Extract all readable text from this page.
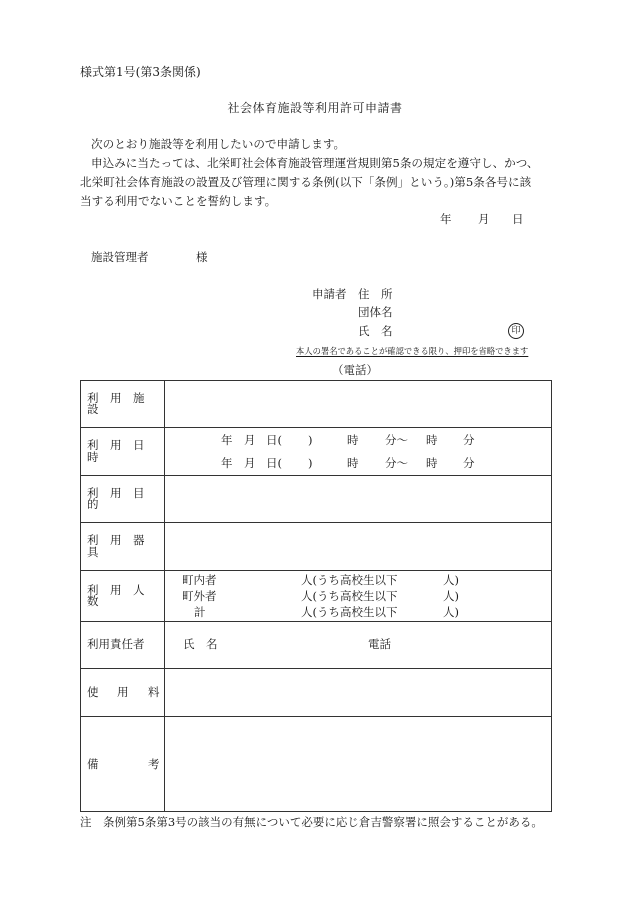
様式第1号(第3条関係)
社会体育施設等利用許可申請書
次のとおり施設等を利用したいので申請します。
申込みに当たっては、北栄町社会体育施設管理運営規則第5条の規定を遵守し、かつ、
北栄町社会体育施設の設置及び管理に関する条例(以下「条例」という。)第5条各号に該
当する利用でないことを誓約します。
年 月 日
施設管理者	様
申請者 住　所
団体名
氏　名	印
本人の署名であることが確認できる限り、押印を省略できます
（電話）
利　用　施　設
利　用　日　時
年 月 日( )	時 分〜 時 分
年 月 日( )	時 分〜 時 分
利　用　目　的
利　用　器　具
利　用　人　数
町内者	人(うち高校生以下	人)
町外者	人(うち高校生以下	人)
計	人(うち高校生以下	人)
利用責任者	氏　名	電話
使 用 料
備	考
注　条例第5条第3号の該当の有無について必要に応じ倉吉警察署に照会することがある。
